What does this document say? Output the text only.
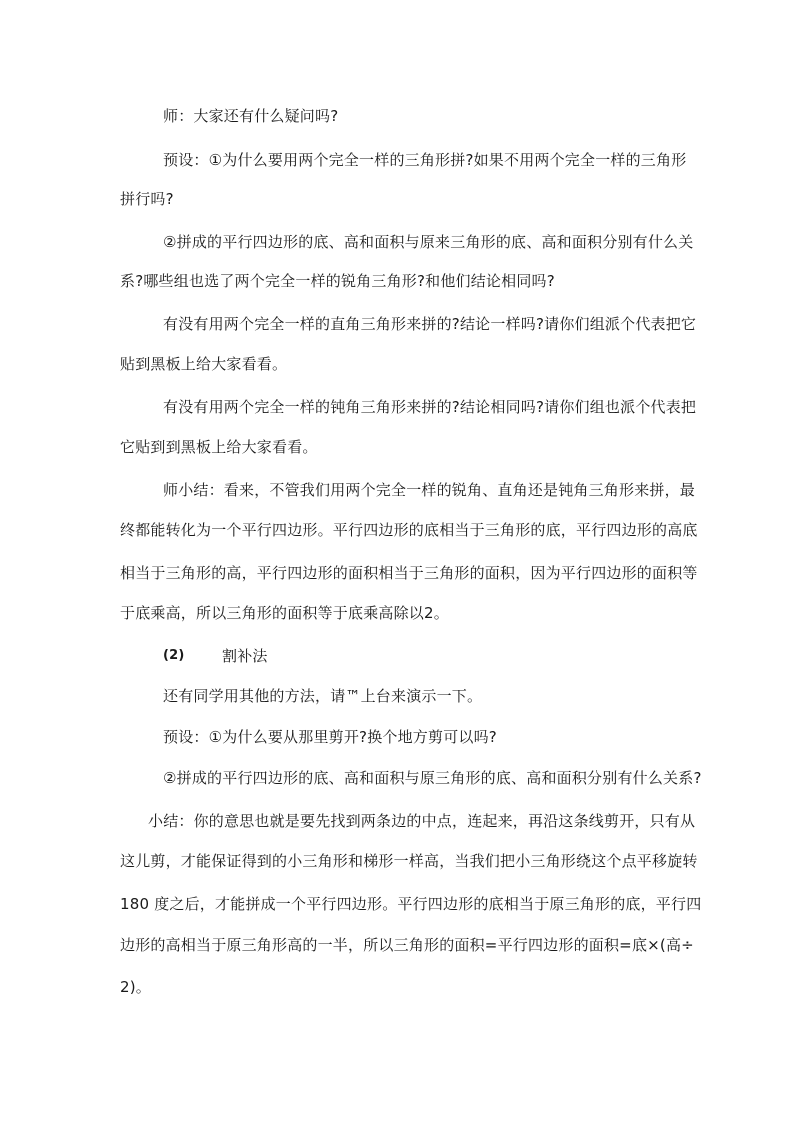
师：大家还有什么疑问吗?
预设：①为什么要用两个完全一样的三角形拼?如果不用两个完全一样的三角形
拼行吗?
②拼成的平行四边形的底、高和面积与原来三角形的底、高和面积分别有什么关
系?哪些组也选了两个完全一样的锐角三角形?和他们结论相同吗?
有没有用两个完全一样的直角三角形来拼的?结论一样吗?请你们组派个代表把它
贴到黑板上给大家看看。
有没有用两个完全一样的钝角三角形来拼的?结论相同吗?请你们组也派个代表把
它贴到到黑板上给大家看看。
师小结：看来，不管我们用两个完全一样的锐角、直角还是钝角三角形来拼，最
终都能转化为一个平行四边形。平行四边形的底相当于三角形的底，平行四边形的高底
相当于三角形的高，平行四边形的面积相当于三角形的面积，因为平行四边形的面积等
于底乘高，所以三角形的面积等于底乘高除以2。
(2)	割补法
还有同学用其他的方法，请™上台来演示一下。
预设：①为什么要从那里剪开?换个地方剪可以吗?
②拼成的平行四边形的底、高和面积与原三角形的底、高和面积分别有什么关系?
小结：你的意思也就是要先找到两条边的中点，连起来，再沿这条线剪开，只有从
这儿剪，才能保证得到的小三角形和梯形一样高，当我们把小三角形绕这个点平移旋转
180 度之后，才能拼成一个平行四边形。平行四边形的底相当于原三角形的底，平行四
边形的高相当于原三角形高的一半，所以三角形的面积=平行四边形的面积=底×(高÷
2)。
